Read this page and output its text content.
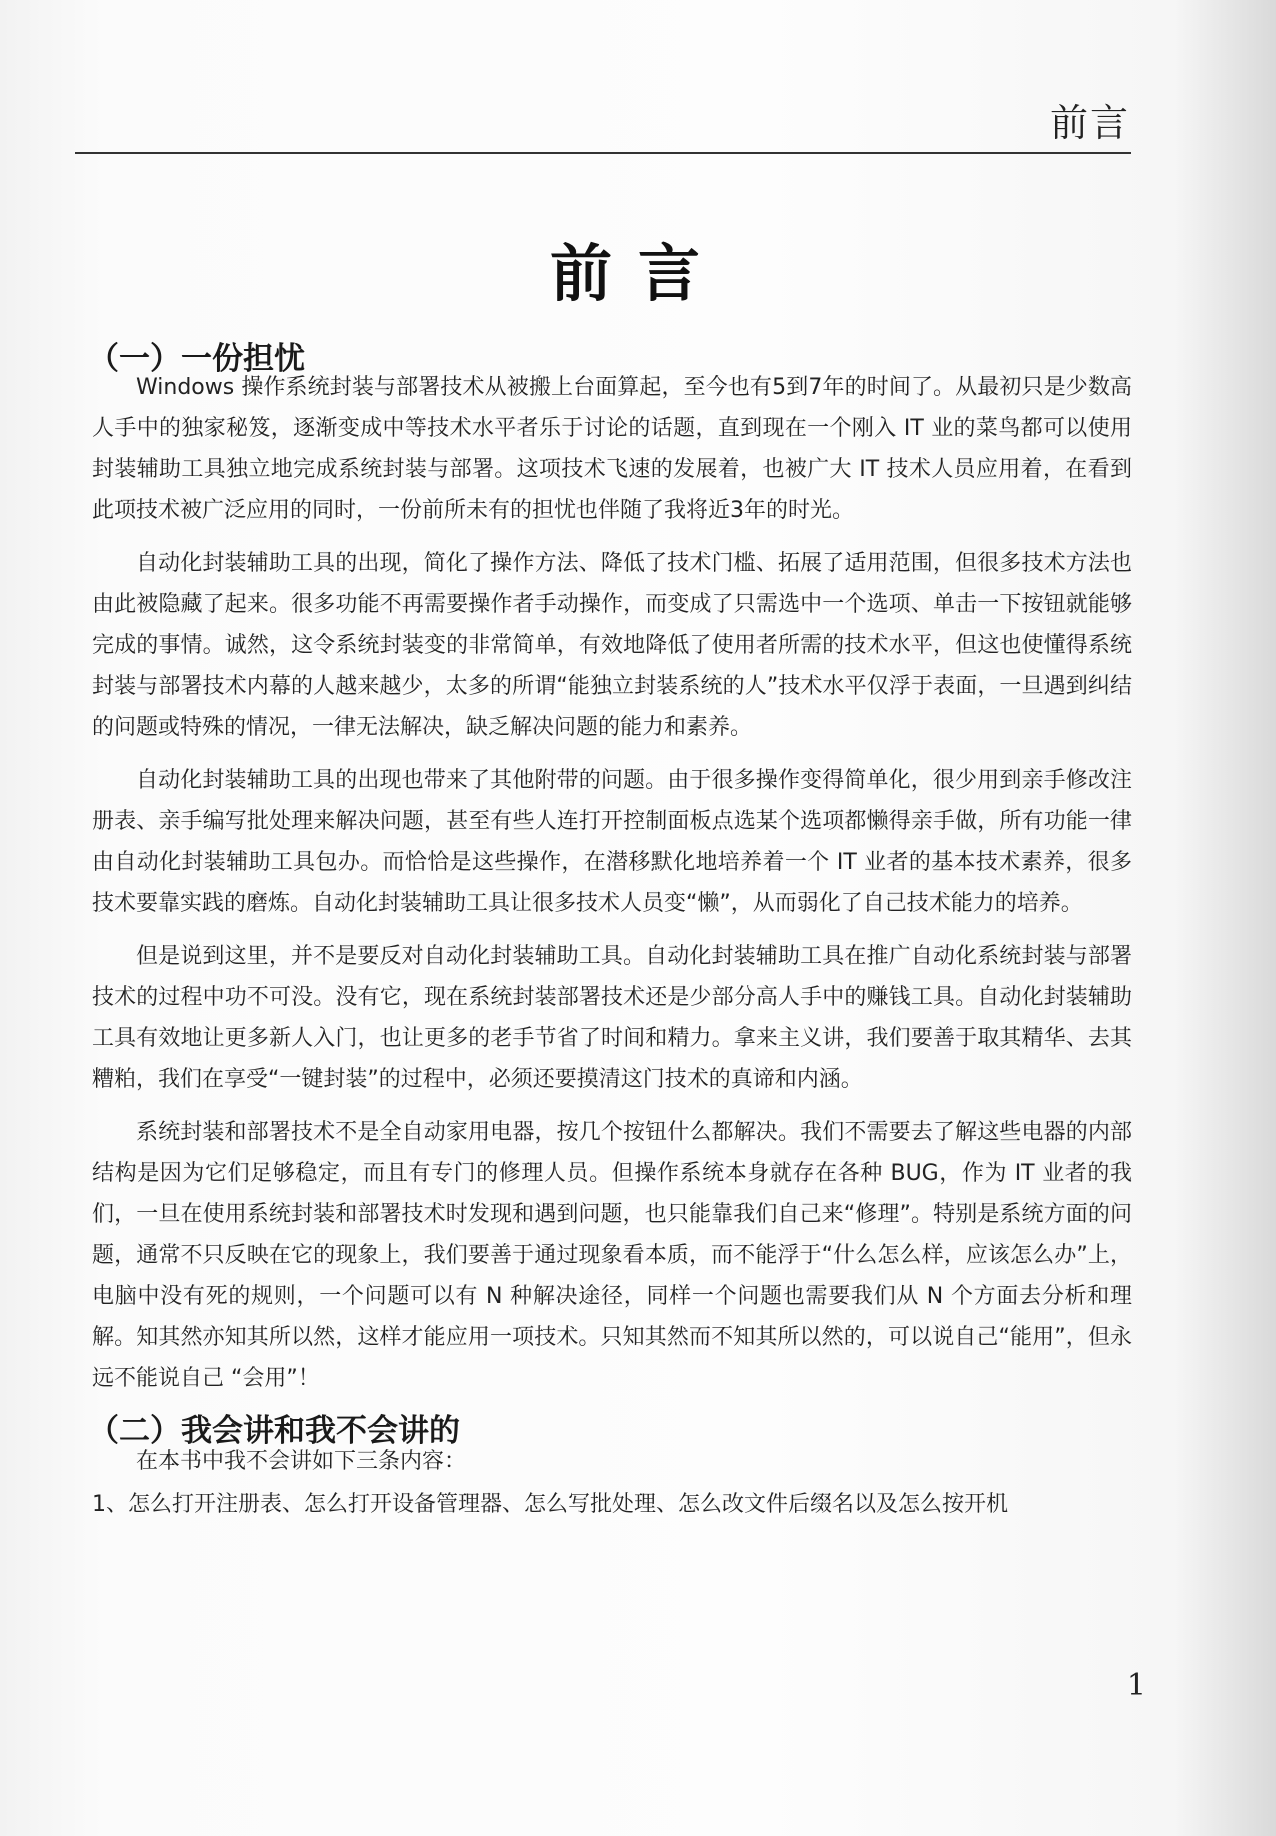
前言
前言
（一）一份担忧

Windows 操作系统封装与部署技术从被搬上台面算起，至今也有5到7年的时间了。从最初只是少数高人手中的独家秘笈，逐渐变成中等技术水平者乐于讨论的话题，直到现在一个刚入 IT 业的菜鸟都可以使用封装辅助工具独立地完成系统封装与部署。这项技术飞速的发展着，也被广大 IT 技术人员应用着，在看到此项技术被广泛应用的同时，一份前所未有的担忧也伴随了我将近3年的时光。

自动化封装辅助工具的出现，简化了操作方法、降低了技术门槛、拓展了适用范围，但很多技术方法也由此被隐藏了起来。很多功能不再需要操作者手动操作，而变成了只需选中一个选项、单击一下按钮就能够完成的事情。诚然，这令系统封装变的非常简单，有效地降低了使用者所需的技术水平，但这也使懂得系统封装与部署技术内幕的人越来越少，太多的所谓“能独立封装系统的人”技术水平仅浮于表面，一旦遇到纠结的问题或特殊的情况，一律无法解决，缺乏解决问题的能力和素养。

自动化封装辅助工具的出现也带来了其他附带的问题。由于很多操作变得简单化，很少用到亲手修改注册表、亲手编写批处理来解决问题，甚至有些人连打开控制面板点选某个选项都懒得亲手做，所有功能一律由自动化封装辅助工具包办。而恰恰是这些操作，在潜移默化地培养着一个 IT 业者的基本技术素养，很多技术要靠实践的磨炼。自动化封装辅助工具让很多技术人员变“懒”，从而弱化了自己技术能力的培养。

但是说到这里，并不是要反对自动化封装辅助工具。自动化封装辅助工具在推广自动化系统封装与部署技术的过程中功不可没。没有它，现在系统封装部署技术还是少部分高人手中的赚钱工具。自动化封装辅助工具有效地让更多新人入门，也让更多的老手节省了时间和精力。拿来主义讲，我们要善于取其精华、去其糟粕，我们在享受“一键封装”的过程中，必须还要摸清这门技术的真谛和内涵。

系统封装和部署技术不是全自动家用电器，按几个按钮什么都解决。我们不需要去了解这些电器的内部结构是因为它们足够稳定，而且有专门的修理人员。但操作系统本身就存在各种 BUG，作为 IT 业者的我们，一旦在使用系统封装和部署技术时发现和遇到问题，也只能靠我们自己来“修理”。特别是系统方面的问题，通常不只反映在它的现象上，我们要善于通过现象看本质，而不能浮于“什么怎么样，应该怎么办”上，电脑中没有死的规则，一个问题可以有 N 种解决途径，同样一个问题也需要我们从 N 个方面去分析和理解。知其然亦知其所以然，这样才能应用一项技术。只知其然而不知其所以然的，可以说自己“能用”，但永远不能说自己 “会用”！

（二）我会讲和我不会讲的

在本书中我不会讲如下三条内容：

1、怎么打开注册表、怎么打开设备管理器、怎么写批处理、怎么改文件后缀名以及怎么按开机

1
